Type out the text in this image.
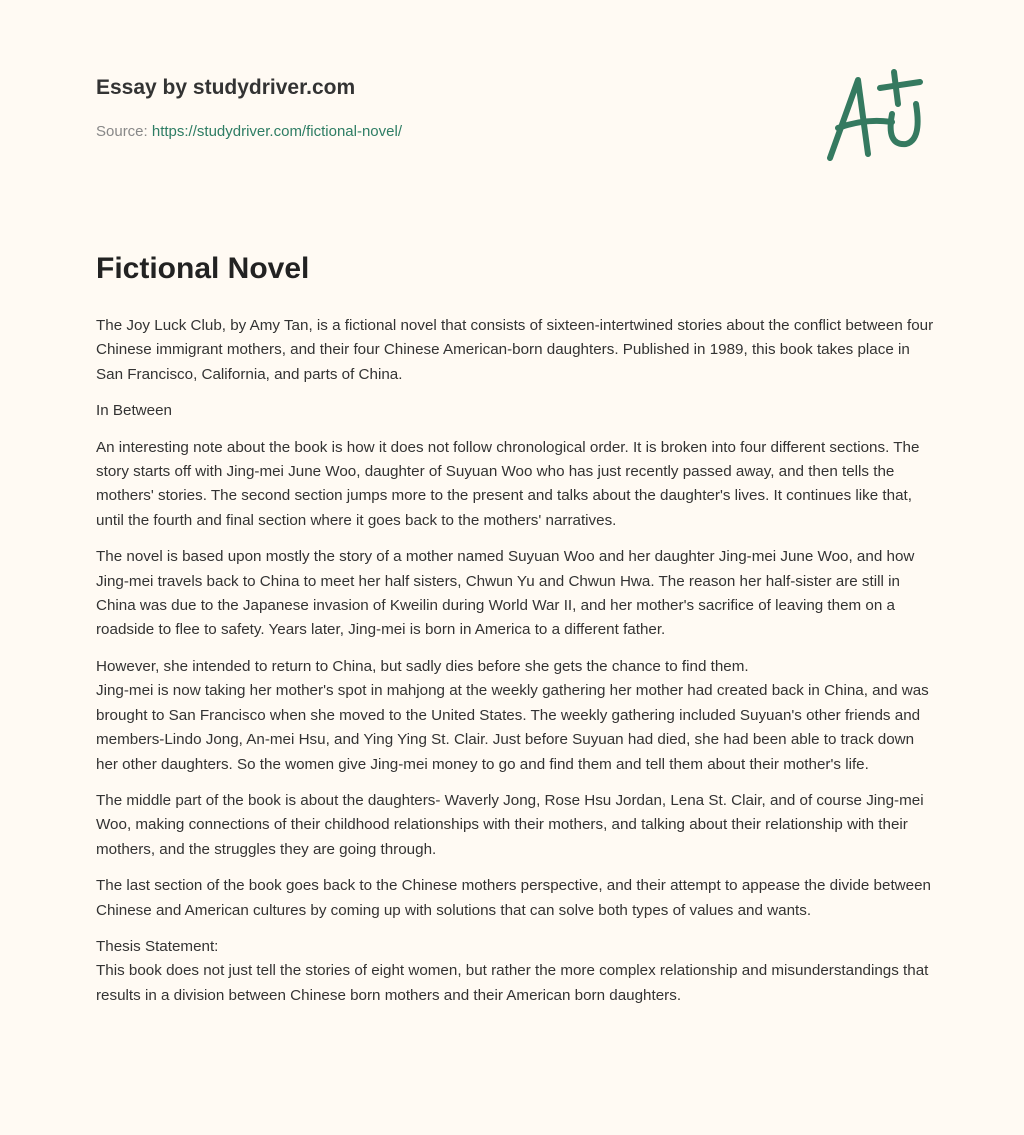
Essay by studydriver.com
Source: https://studydriver.com/fictional-novel/
Fictional Novel

The Joy Luck Club, by Amy Tan, is a fictional novel that consists of sixteen-intertwined stories about the conflict between four Chinese immigrant mothers, and their four Chinese American-born daughters. Published in 1989, this book takes place in San Francisco, California, and parts of China.

In Between

An interesting note about the book is how it does not follow chronological order. It is broken into four different sections. The story starts off with Jing-mei June Woo, daughter of Suyuan Woo who has just recently passed away, and then tells the mothers' stories. The second section jumps more to the present and talks about the daughter's lives. It continues like that, until the fourth and final section where it goes back to the mothers' narratives.

The novel is based upon mostly the story of a mother named Suyuan Woo and her daughter Jing-mei June Woo, and how Jing-mei travels back to China to meet her half sisters, Chwun Yu and Chwun Hwa. The reason her half-sister are still in China was due to the Japanese invasion of Kweilin during World War II, and her mother's sacrifice of leaving them on a roadside to flee to safety. Years later, Jing-mei is born in America to a different father.

However, she intended to return to China, but sadly dies before she gets the chance to find them.
Jing-mei is now taking her mother's spot in mahjong at the weekly gathering her mother had created back in China, and was brought to San Francisco when she moved to the United States. The weekly gathering included Suyuan's other friends and members-Lindo Jong, An-mei Hsu, and Ying Ying St. Clair. Just before Suyuan had died, she had been able to track down her other daughters. So the women give Jing-mei money to go and find them and tell them about their mother's life.

The middle part of the book is about the daughters- Waverly Jong, Rose Hsu Jordan, Lena St. Clair, and of course Jing-mei Woo, making connections of their childhood relationships with their mothers, and talking about their relationship with their mothers, and the struggles they are going through.

The last section of the book goes back to the Chinese mothers perspective, and their attempt to appease the divide between Chinese and American cultures by coming up with solutions that can solve both types of values and wants.

Thesis Statement:
This book does not just tell the stories of eight women, but rather the more complex relationship and misunderstandings that results in a division between Chinese born mothers and their American born daughters.
